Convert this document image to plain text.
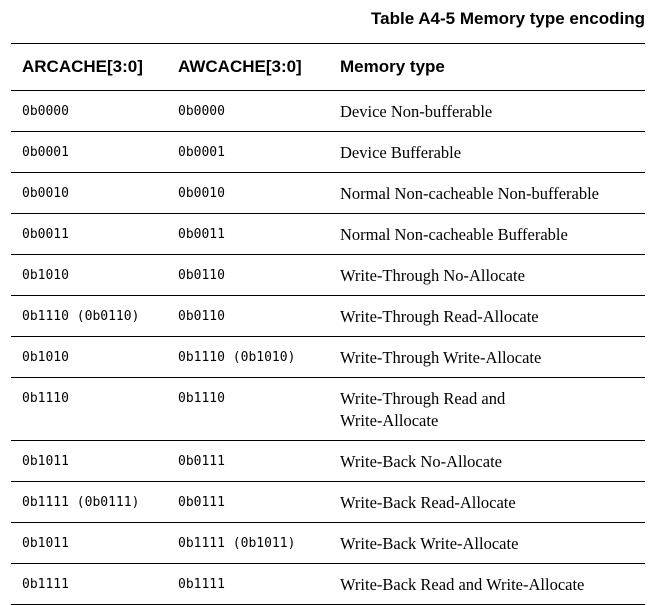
Table A4-5 Memory type encoding
ARCACHE[3:0]	AWCACHE[3:0]	Memory type
0b0000	0b0000	Device Non-bufferable
0b0001	0b0001	Device Bufferable
0b0010	0b0010	Normal Non-cacheable Non-bufferable
0b0011	0b0011	Normal Non-cacheable Bufferable
0b1010	0b0110	Write-Through No-Allocate
0b1110 (0b0110)	0b0110	Write-Through Read-Allocate
0b1010	0b1110 (0b1010)	Write-Through Write-Allocate
0b1110	0b1110	Write-Through Read and
Write-Allocate
0b1011	0b0111	Write-Back No-Allocate
0b1111 (0b0111)	0b0111	Write-Back Read-Allocate
0b1011	0b1111 (0b1011)	Write-Back Write-Allocate
0b1111	0b1111	Write-Back Read and Write-Allocate
